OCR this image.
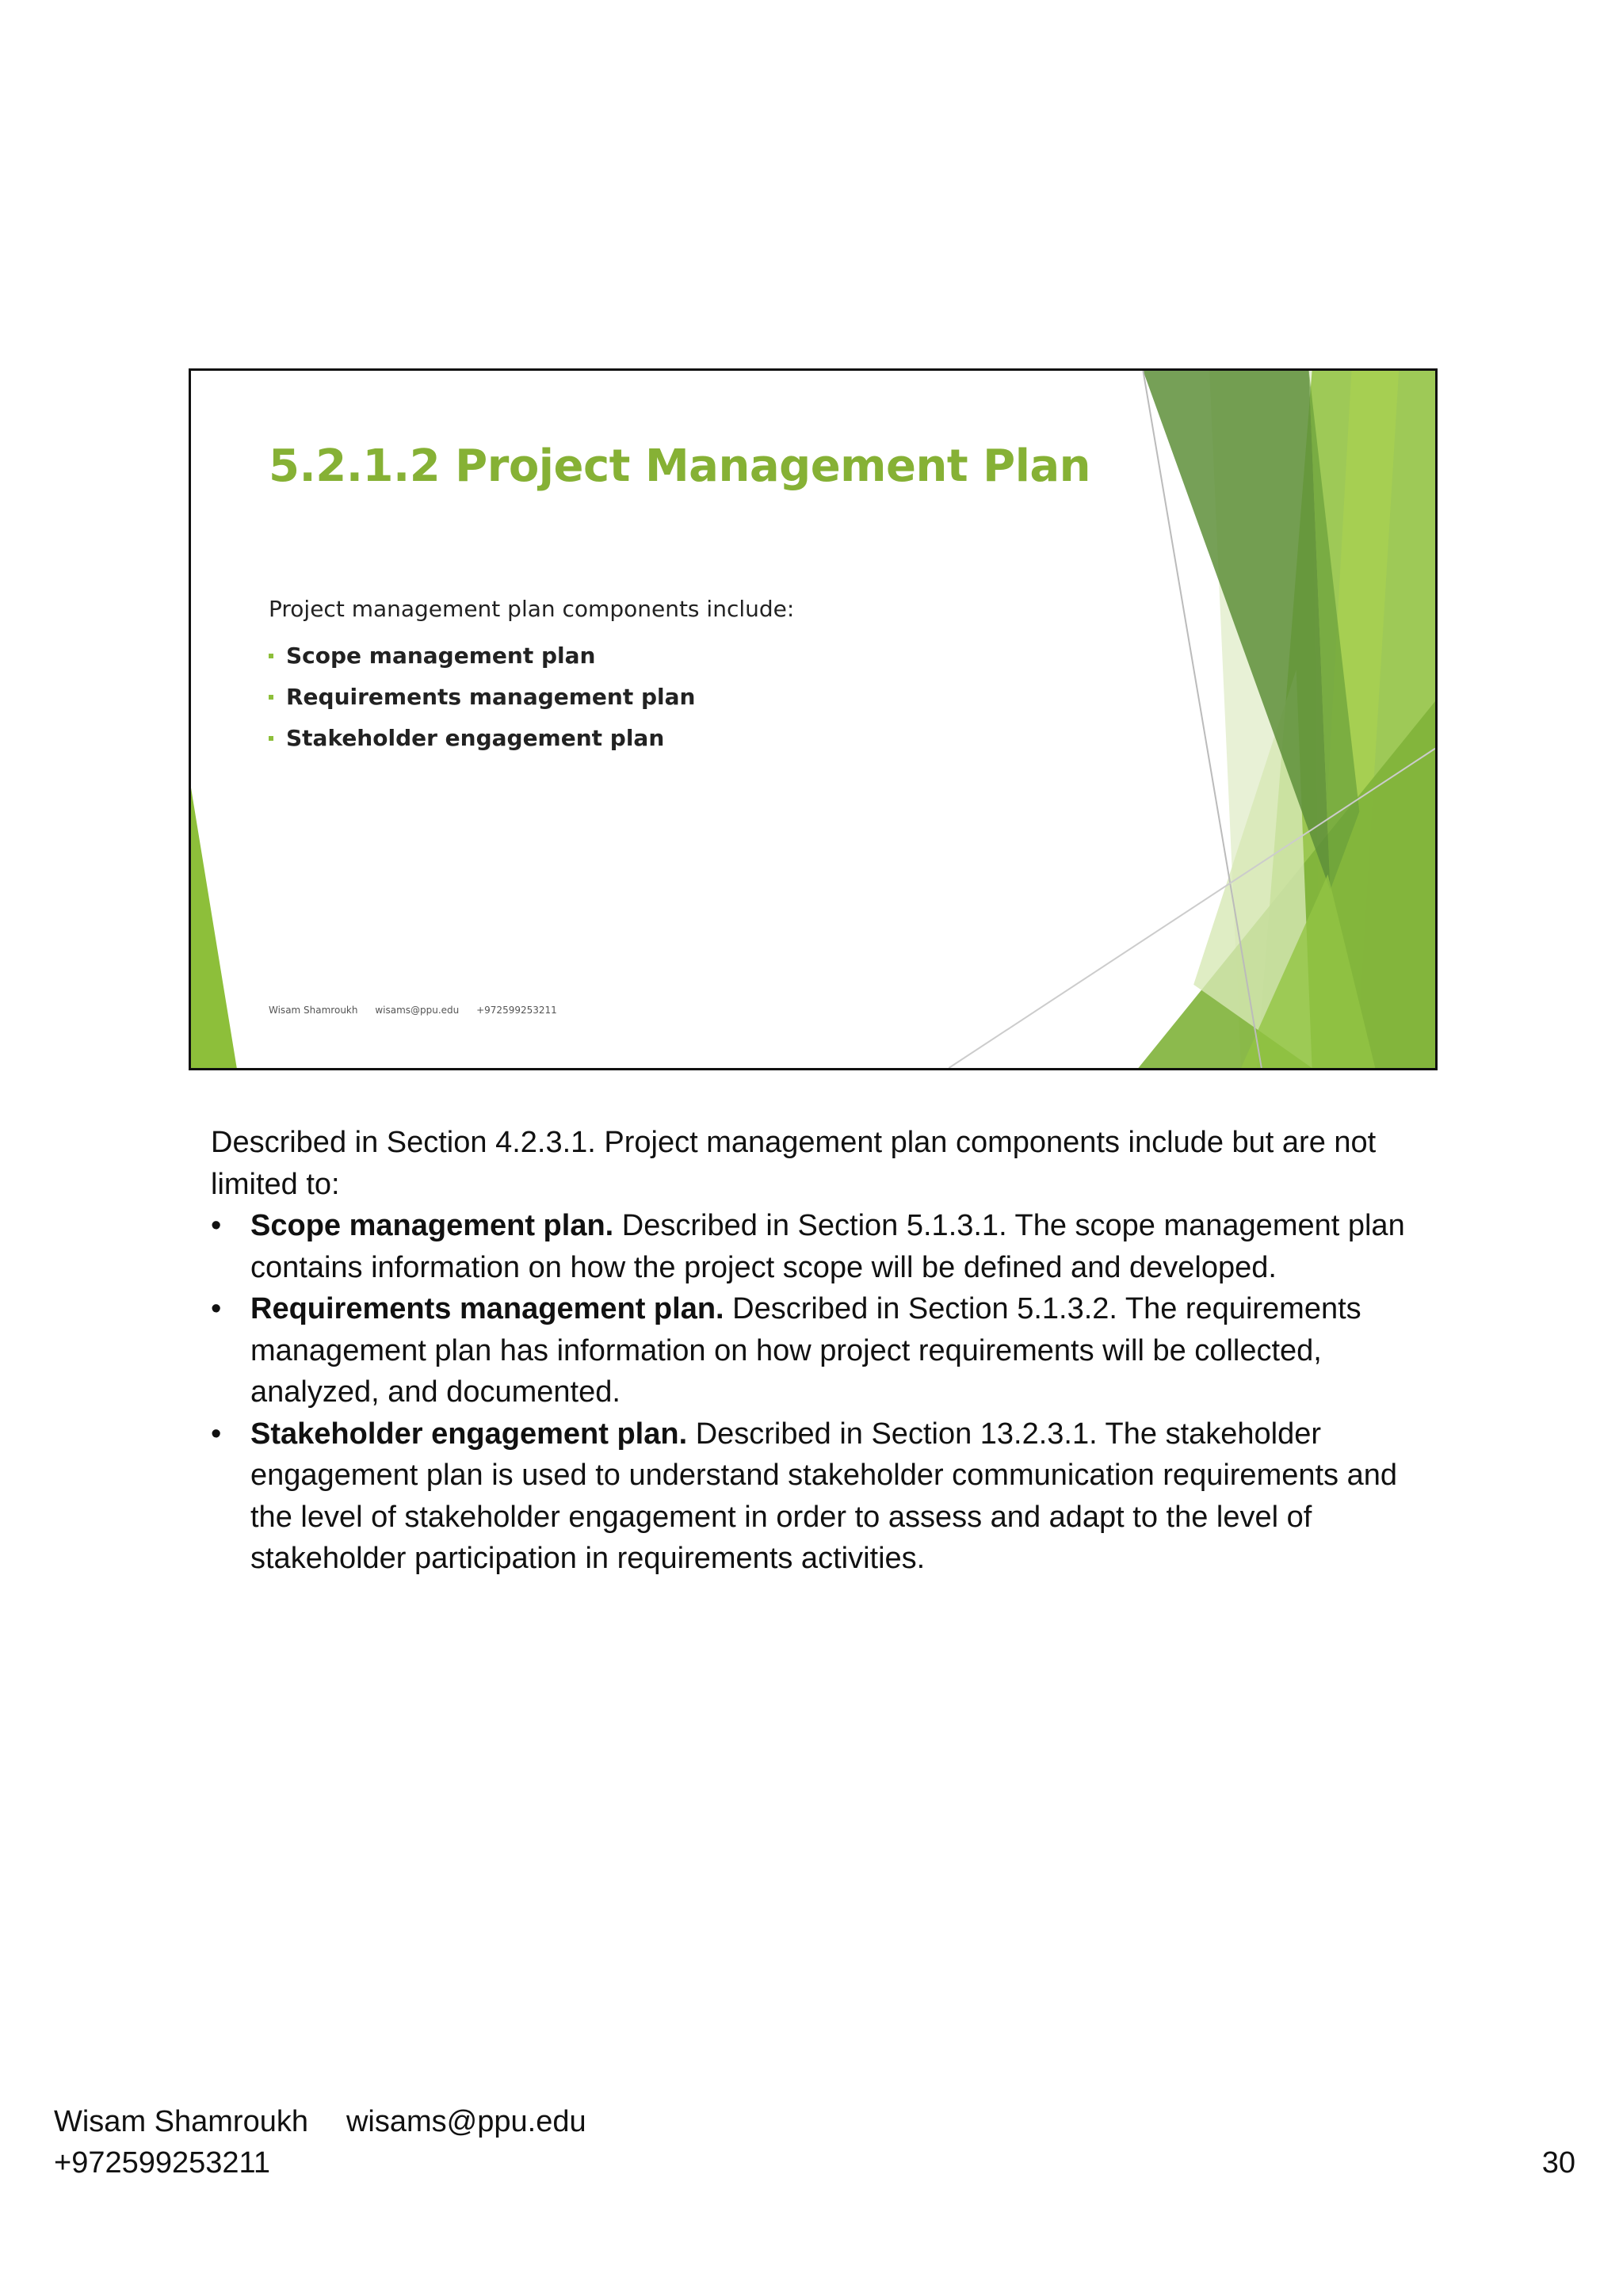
5.2.1.2 Project Management Plan
Project management plan components include:
Scope management plan
Requirements management plan
Stakeholder engagement plan
Wisam Shamroukh wisams@ppu.edu +972599253211

Described in Section 4.2.3.1. Project management plan components include but are not limited to:

• Scope management plan. Described in Section 5.1.3.1. The scope management plan contains information on how the project scope will be defined and developed.
• Requirements management plan. Described in Section 5.1.3.2. The requirements management plan has information on how project requirements will be collected, analyzed, and documented.
• Stakeholder engagement plan. Described in Section 13.2.3.1. The stakeholder engagement plan is used to understand stakeholder communication requirements and the level of stakeholder engagement in order to assess and adapt to the level of stakeholder participation in requirements activities.
Wisam Shamroukh wisams@ppu.edu
+972599253211	30
